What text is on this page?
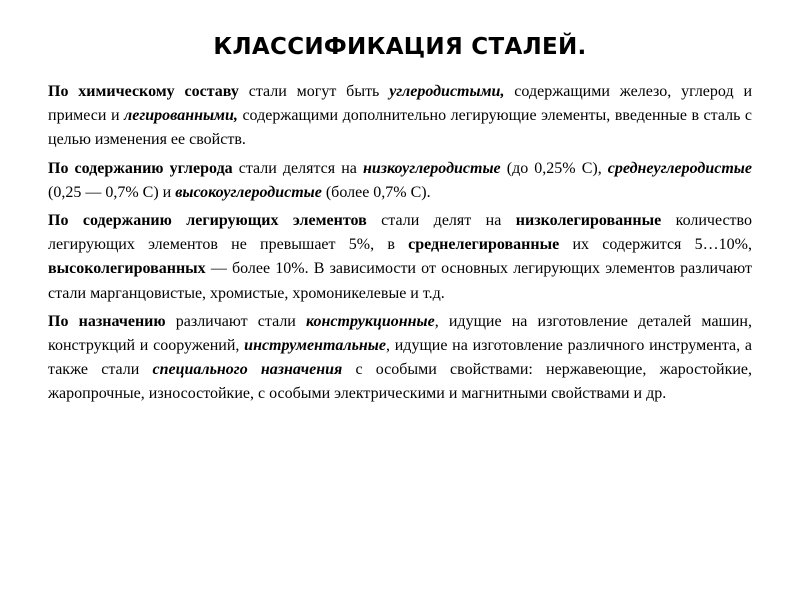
КЛАССИФИКАЦИЯ СТАЛЕЙ.

По химическому составу стали могут быть углеродистыми, содержащими железо, углерод и примеси и легированными, содержащими дополнительно легирующие элементы, введенные в сталь с целью изменения ее свойств.

По содержанию углерода стали делятся на низкоуглеродистые (до 0,25% С), среднеуглеродистые (0,25 — 0,7% С) и высокоуглеродистые (более 0,7% С).

По содержанию легирующих элементов стали делят на низколегированные количество легирующих элементов не превышает 5%, в среднелегированные их содержится 5…10%, высоколегированных — более 10%. В зависимости от основных легирующих элементов различают стали марганцовистые, хромистые, хромоникелевые и т.д.

По назначению различают стали конструкционные, идущие на изготовление деталей машин, конструкций и сооружений, инструментальные, идущие на изготовление различного инструмента, а также стали специального назначения с особыми свойствами: нержавеющие, жаростойкие, жаропрочные, износостойкие, с особыми электрическими и магнитными свойствами и др.
